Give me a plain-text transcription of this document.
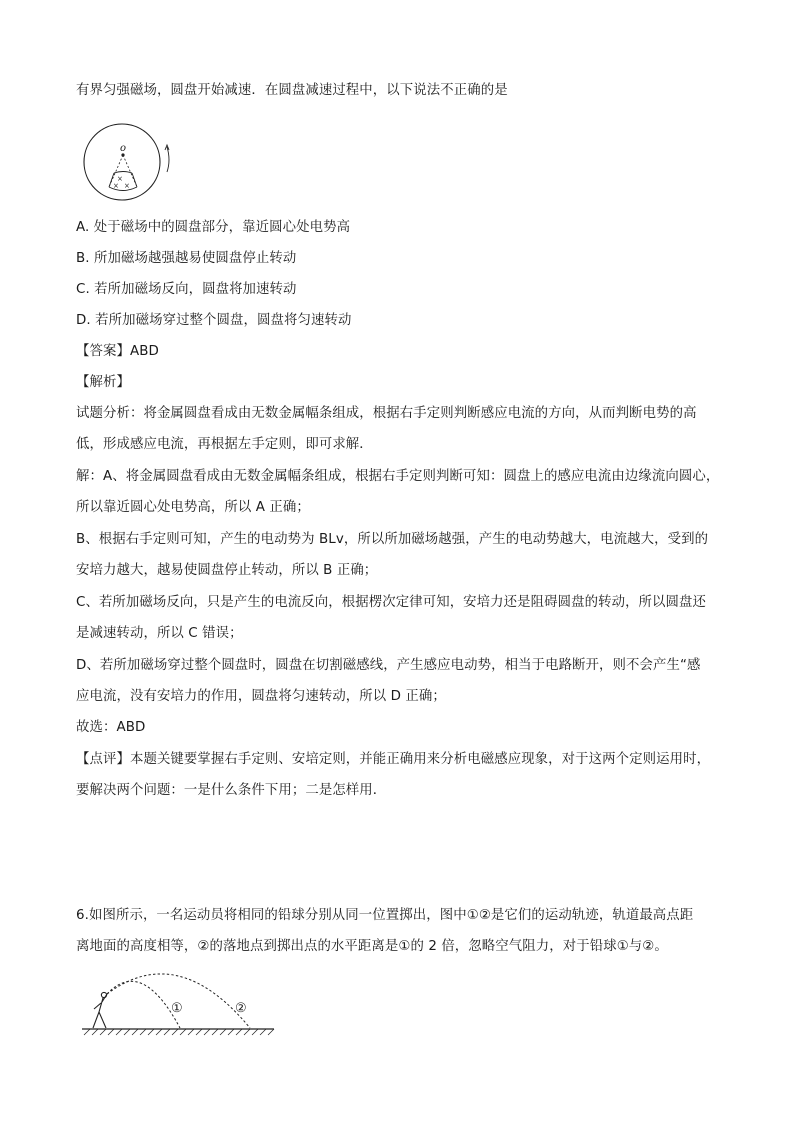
有界匀强磁场，圆盘开始减速．在圆盘减速过程中，以下说法不正确的是
o
×
× ×
A. 处于磁场中的圆盘部分，靠近圆心处电势高
B. 所加磁场越强越易使圆盘停止转动
C. 若所加磁场反向，圆盘将加速转动
D. 若所加磁场穿过整个圆盘，圆盘将匀速转动
【答案】ABD
【解析】
试题分析：将金属圆盘看成由无数金属幅条组成，根据右手定则判断感应电流的方向，从而判断电势的高
低，形成感应电流，再根据左手定则，即可求解．
解：A、将金属圆盘看成由无数金属幅条组成，根据右手定则判断可知：圆盘上的感应电流由边缘流向圆心，
所以靠近圆心处电势高，所以 A 正确；
B、根据右手定则可知，产生的电动势为 BLv，所以所加磁场越强，产生的电动势越大，电流越大，受到的
安培力越大，越易使圆盘停止转动，所以 B 正确；
C、若所加磁场反向，只是产生的电流反向，根据楞次定律可知，安培力还是阻碍圆盘的转动，所以圆盘还
是减速转动，所以 C 错误；
D、若所加磁场穿过整个圆盘时，圆盘在切割磁感线，产生感应电动势，相当于电路断开，则不会产生“感
应电流，没有安培力的作用，圆盘将匀速转动，所以 D 正确；
故选：ABD
【点评】本题关键要掌握右手定则、安培定则，并能正确用来分析电磁感应现象，对于这两个定则运用时，
要解决两个问题：一是什么条件下用；二是怎样用．
6.如图所示，一名运动员将相同的铅球分别从同一位置掷出，图中①②是它们的运动轨迹，轨道最高点距
离地面的高度相等，②的落地点到掷出点的水平距离是①的 2 倍，忽略空气阻力，对于铅球①与②。
①	②
